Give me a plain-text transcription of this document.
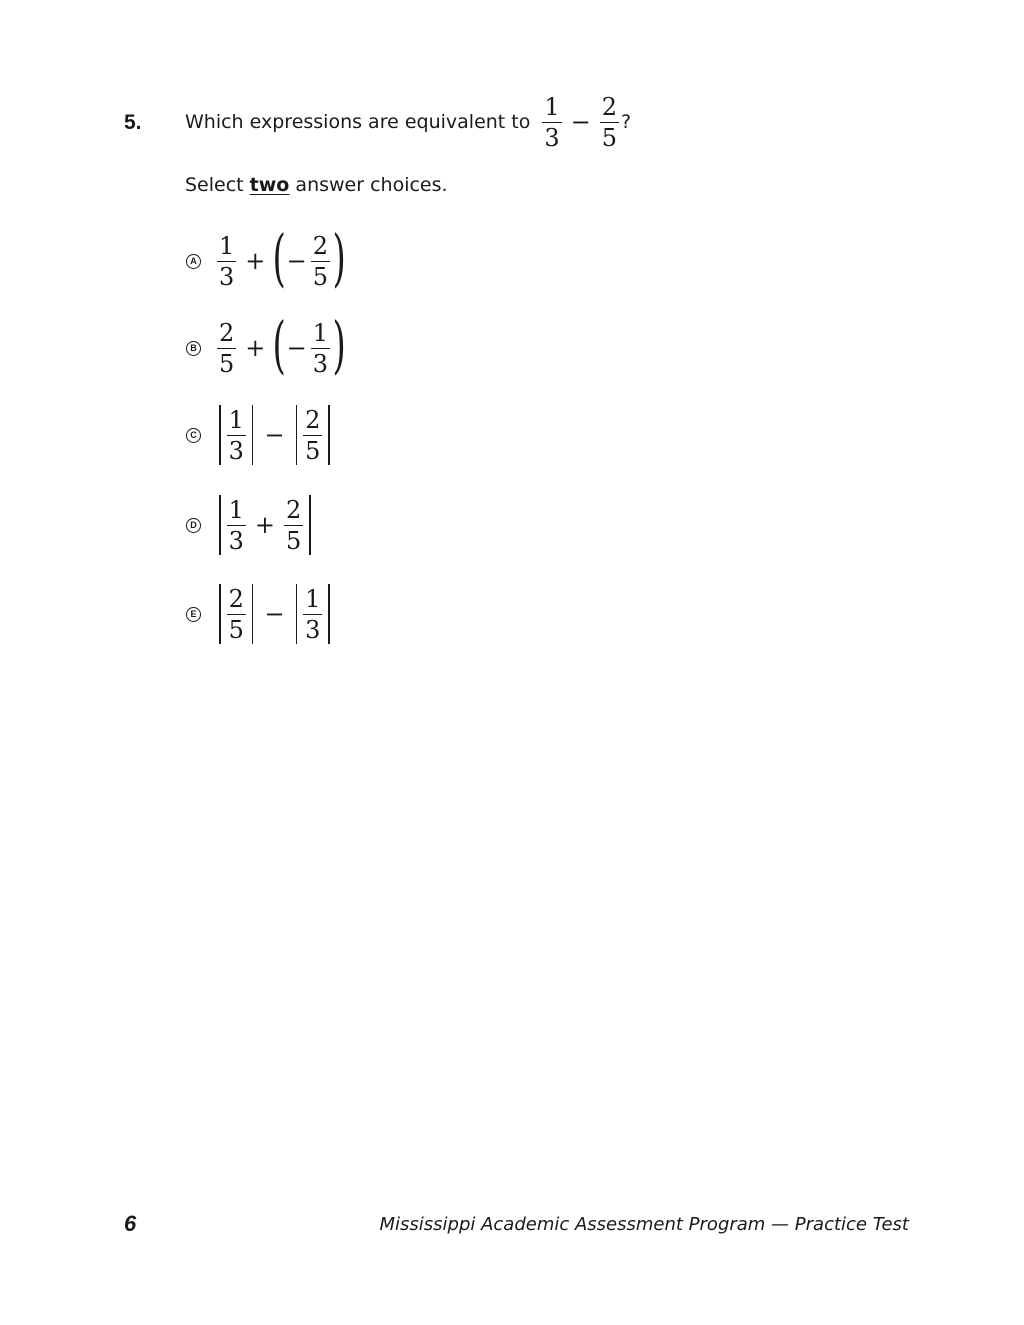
5. Which expressions are equivalent to $\frac{1}{3} - \frac{2}{5}$ ?
Select two answer choices.
A $\frac{1}{3}$ + ( − $\frac{2}{5}$ )
B $\frac{2}{5}$ + ( − $\frac{1}{3}$ )
C $\frac{1}{3} - \frac{2}{5}$
D $\frac{1}{3} + \frac{2}{5}$
E $\frac{2}{5} - \frac{1}{3}$
6	Mississippi Academic Assessment Program — Practice Test
